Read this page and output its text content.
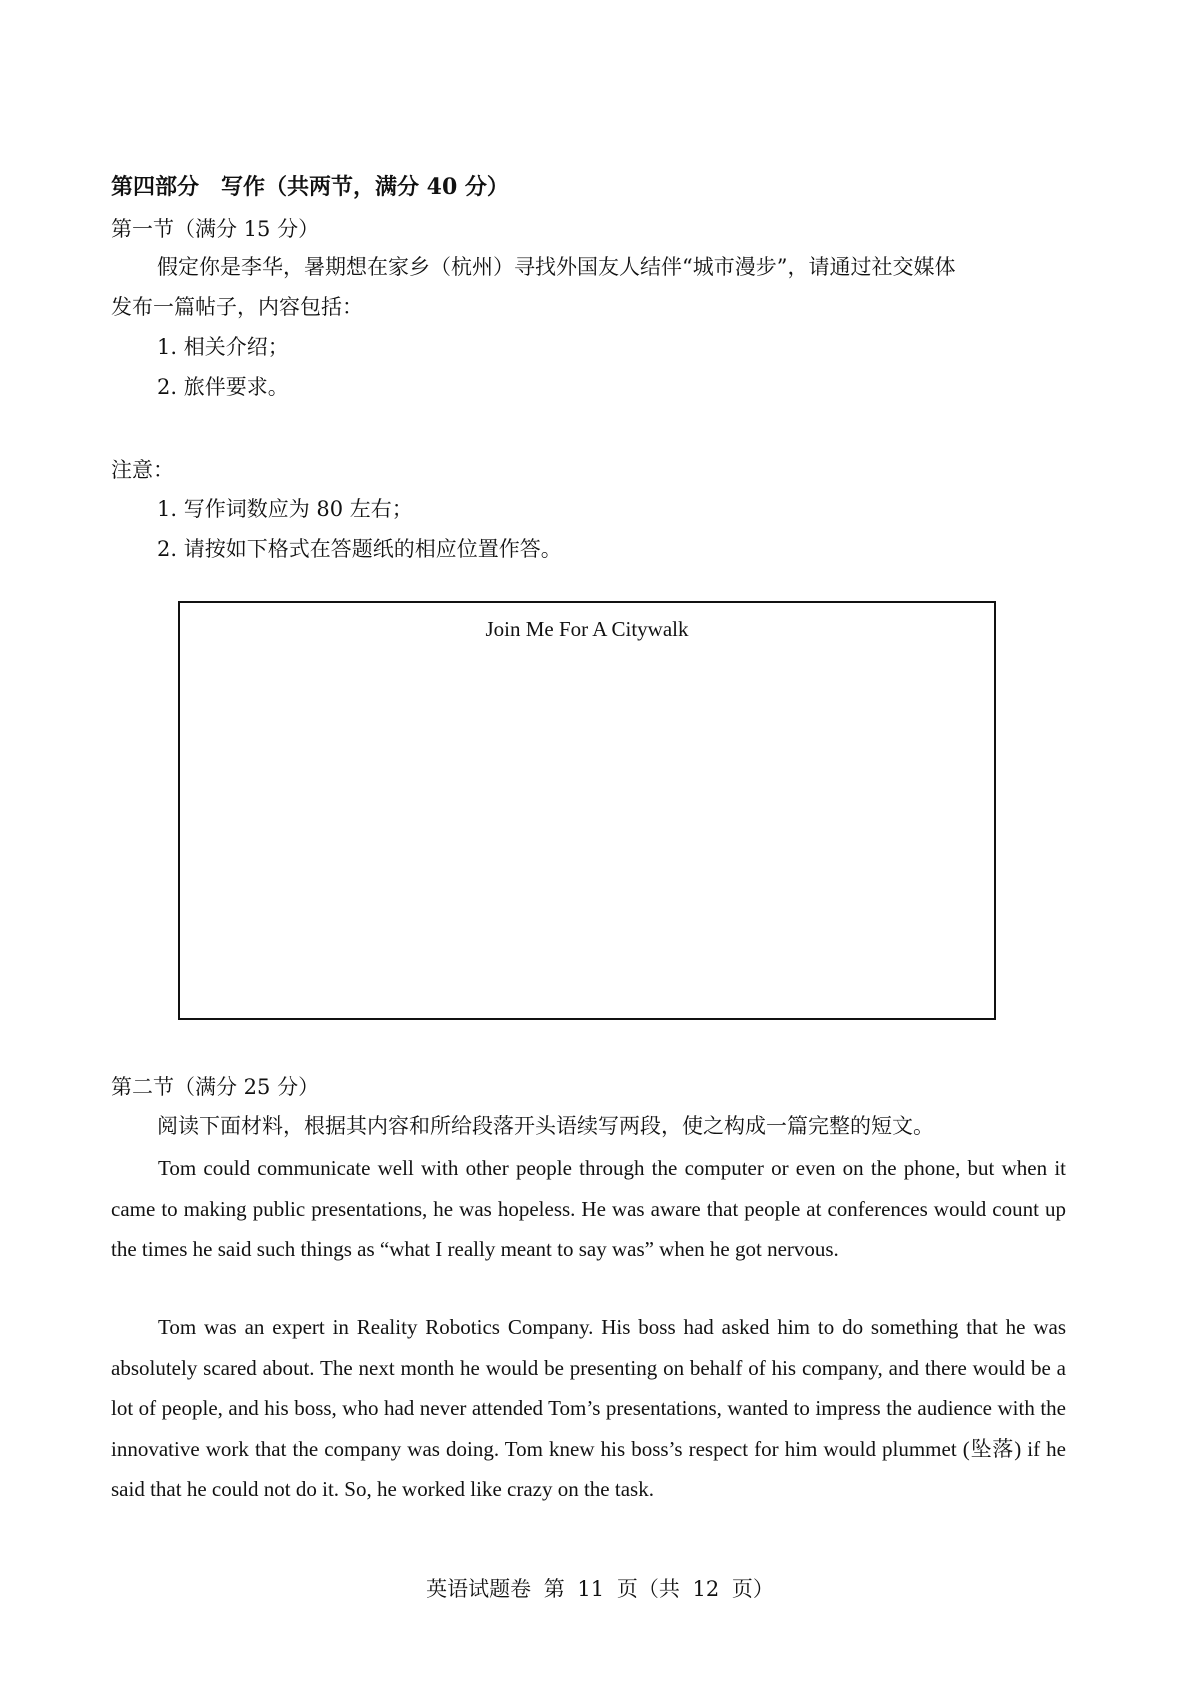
第四部分　写作（共两节，满分 40 分）
第一节（满分 15 分）
假定你是李华，暑期想在家乡（杭州）寻找外国友人结伴“城市漫步”，请通过社交媒体
发布一篇帖子，内容包括：
1. 相关介绍；
2. 旅伴要求。
注意：
1. 写作词数应为 80 左右；
2. 请按如下格式在答题纸的相应位置作答。
Join Me For A Citywalk
第二节（满分 25 分）
阅读下面材料，根据其内容和所给段落开头语续写两段，使之构成一篇完整的短文。

Tom could communicate well with other people through the computer or even on the phone, but when it came to making public presentations, he was hopeless. He was aware that people at conferences would count up the times he said such things as “what I really meant to say was” when he got nervous.

Tom was an expert in Reality Robotics Company. His boss had asked him to do something that he was absolutely scared about. The next month he would be presenting on behalf of his company, and there would be a lot of people, and his boss, who had never attended Tom’s presentations, wanted to impress the audience with the innovative work that the company was doing. Tom knew his boss’s respect for him would plummet (坠落) if he said that he could not do it. So, he worked like crazy on the task.

英语试题卷 第 11 页（共 12 页）
